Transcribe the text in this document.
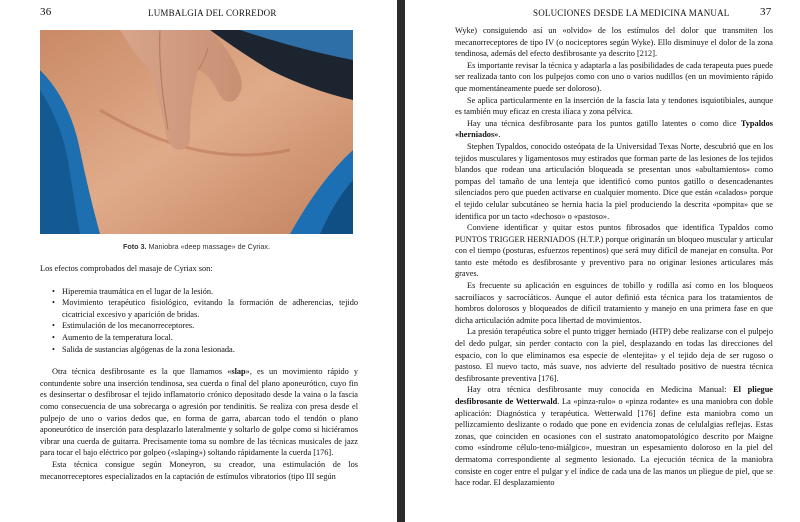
36	LUMBALGIA DEL CORREDOR
Foto 3. Maniobra «deep massage» de Cyriax.

Los efectos comprobados del masaje de Cyriax son:

• Hiperemia traumática en el lugar de la lesión.
• Movimiento terapéutico fisiológico, evitando la formación de adherencias, tejido cicatricial excesivo y aparición de bridas.
• Estimulación de los mecanorreceptores.
• Aumento de la temperatura local.
• Salida de sustancias algógenas de la zona lesionada.

Otra técnica desfibrosante es la que llamamos «slap», es un movimiento rápido y contundente sobre una inserción tendinosa, sea cuerda o final del plano aponeurótico, cuyo fin es desinsertar o desfibrosar el tejido inflamatorio crónico depositado desde la vaina o la fascia como consecuencia de una sobrecarga o agresión por tendinitis. Se realiza con presa desde el pulpejo de uno o varios dedos que, en forma de garra, abarcan todo el tendón o plano aponeurótico de inserción para desplazarlo lateralmente y soltarlo de golpe como si hiciéramos vibrar una cuerda de guitarra. Precisamente toma su nombre de las técnicas musicales de jazz para tocar el bajo eléctrico por golpeo («slaping») soltando rápidamente la cuerda [176].

Esta técnica consigue según Moneyron, su creador, una estimulación de los mecanorreceptores especializados en la captación de estímulos vibratorios (tipo III según

SOLUCIONES DESDE LA MEDICINA MANUAL	37

Wyke) consiguiendo así un «olvido» de los estímulos del dolor que transmiten los mecanorreceptores de tipo IV (o nociceptores según Wyke). Ello disminuye el dolor de la zona tendinosa, además del efecto desfibrosante ya descrito [212].

Es importante revisar la técnica y adaptarla a las posibilidades de cada terapeuta pues puede ser realizada tanto con los pulpejos como con uno o varios nudillos (en un movimiento rápido que momentáneamente puede ser doloroso).

Se aplica particularmente en la inserción de la fascia lata y tendones isquiotibiales, aunque es también muy eficaz en cresta ilíaca y zona pélvica.

Hay una técnica desfibrosante para los puntos gatillo latentes o como dice Typaldos «herniados».

Stephen Typaldos, conocido osteópata de la Universidad Texas Norte, descubrió que en los tejidos musculares y ligamentosos muy estirados que forman parte de las lesiones de los tejidos blandos que rodean una articulación bloqueada se presentan unos «abultamientos» como pompas del tamaño de una lenteja que identificó como puntos gatillo o desencadenantes silenciados pero que pueden activarse en cualquier momento. Dice que están «calados» porque el tejido celular subcutáneo se hernia hacia la piel produciendo la descrita «pompita» que se identifica por un tacto «dechoso» o «pastoso».

Conviene identificar y quitar estos puntos fibrosados que identifica Typaldos como PUNTOS TRIGGER HERNIADOS (H.T.P.) porque originarán un bloqueo muscular y articular con el tiempo (posturas, esfuerzos repentinos) que será muy difícil de manejar en consulta. Por tanto este método es desfibrosante y preventivo para no originar lesiones articulares más graves.

Es frecuente su aplicación en esguinces de tobillo y rodilla así como en los bloqueos sacroilíacos y sacrocíáticos. Aunque el autor definió esta técnica para los tratamientos de hombros dolorosos y bloqueados de difícil tratamiento y manejo en una primera fase en que dicha articulación admite poca libertad de movimientos.

La presión terapéutica sobre el punto trigger herniado (HTP) debe realizarse con el pulpejo del dedo pulgar, sin perder contacto con la piel, desplazando en todas las direcciones del espacio, con lo que eliminamos esa especie de «lentejita» y el tejido deja de ser rugoso o pastoso. El nuevo tacto, más suave, nos advierte del resultado positivo de nuestra técnica desfibrosante preventiva [176].

Hay otra técnica desfibrosante muy conocida en Medicina Manual: El pliegue desfibrosante de Wetterwald. La «pinza-rulo» o «pinza rodante» es una maniobra con doble aplicación: Diagnóstica y terapéutica. Wetterwald [176] define esta maniobra como un pellizcamiento deslizante o rodado que pone en evidencia zonas de celulalgias reflejas. Estas zonas, que coinciden en ocasiones con el sustrato anatomopatológico descrito por Maigne como «síndrome célulo-teno-miálgico», muestran un espesamiento doloroso en la piel del dermatoma correspondiente al segmento lesionado. La ejecución técnica de la maniobra consiste en coger entre el pulgar y el índice de cada una de las manos un pliegue de piel, que se hace rodar. El desplazamiento
